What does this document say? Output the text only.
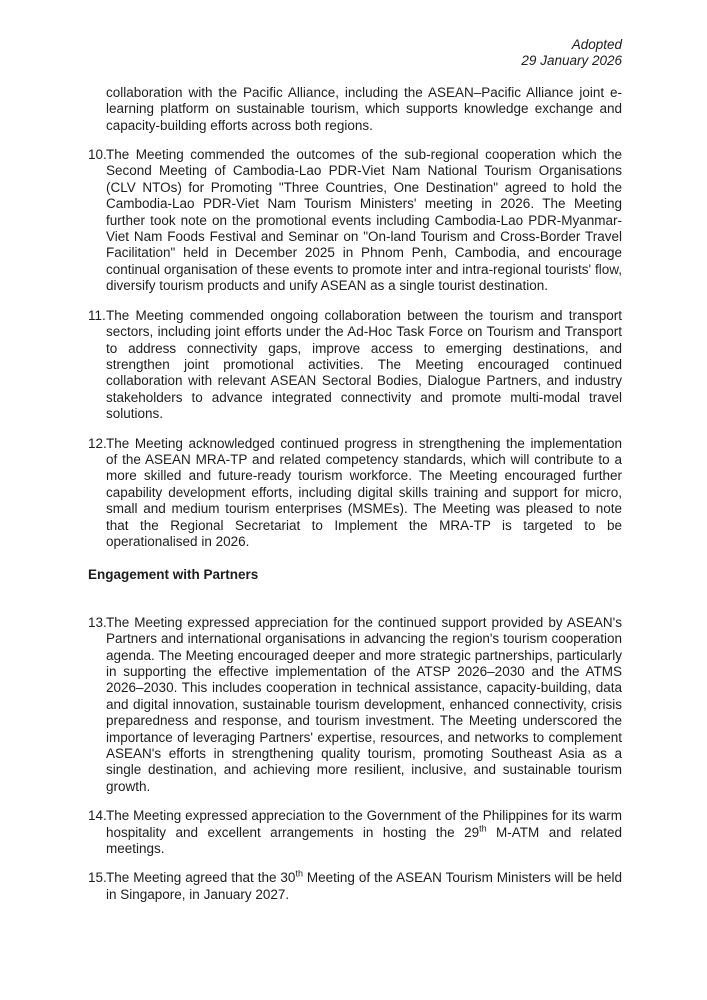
Adopted
29 January 2026

collaboration with the Pacific Alliance, including the ASEAN–Pacific Alliance joint e-learning platform on sustainable tourism, which supports knowledge exchange and capacity-building efforts across both regions.

10. The Meeting commended the outcomes of the sub-regional cooperation which the Second Meeting of Cambodia-Lao PDR-Viet Nam National Tourism Organisations (CLV NTOs) for Promoting "Three Countries, One Destination" agreed to hold the Cambodia-Lao PDR-Viet Nam Tourism Ministers' meeting in 2026. The Meeting further took note on the promotional events including Cambodia-Lao PDR-Myanmar-Viet Nam Foods Festival and Seminar on "On-land Tourism and Cross-Border Travel Facilitation" held in December 2025 in Phnom Penh, Cambodia, and encourage continual organisation of these events to promote inter and intra-regional tourists' flow, diversify tourism products and unify ASEAN as a single tourist destination.
11. The Meeting commended ongoing collaboration between the tourism and transport sectors, including joint efforts under the Ad-Hoc Task Force on Tourism and Transport to address connectivity gaps, improve access to emerging destinations, and strengthen joint promotional activities. The Meeting encouraged continued collaboration with relevant ASEAN Sectoral Bodies, Dialogue Partners, and industry stakeholders to advance integrated connectivity and promote multi-modal travel solutions.
12. The Meeting acknowledged continued progress in strengthening the implementation of the ASEAN MRA-TP and related competency standards, which will contribute to a more skilled and future-ready tourism workforce. The Meeting encouraged further capability development efforts, including digital skills training and support for micro, small and medium tourism enterprises (MSMEs). The Meeting was pleased to note that the Regional Secretariat to Implement the MRA-TP is targeted to be operationalised in 2026.
Engagement with Partners
13. The Meeting expressed appreciation for the continued support provided by ASEAN's Partners and international organisations in advancing the region's tourism cooperation agenda. The Meeting encouraged deeper and more strategic partnerships, particularly in supporting the effective implementation of the ATSP 2026–2030 and the ATMS 2026–2030. This includes cooperation in technical assistance, capacity-building, data and digital innovation, sustainable tourism development, enhanced connectivity, crisis preparedness and response, and tourism investment. The Meeting underscored the importance of leveraging Partners' expertise, resources, and networks to complement ASEAN's efforts in strengthening quality tourism, promoting Southeast Asia as a single destination, and achieving more resilient, inclusive, and sustainable tourism growth.
14. The Meeting expressed appreciation to the Government of the Philippines for its warm hospitality and excellent arrangements in hosting the 29th M-ATM and related meetings.
15. The Meeting agreed that the 30th Meeting of the ASEAN Tourism Ministers will be held in Singapore, in January 2027.
